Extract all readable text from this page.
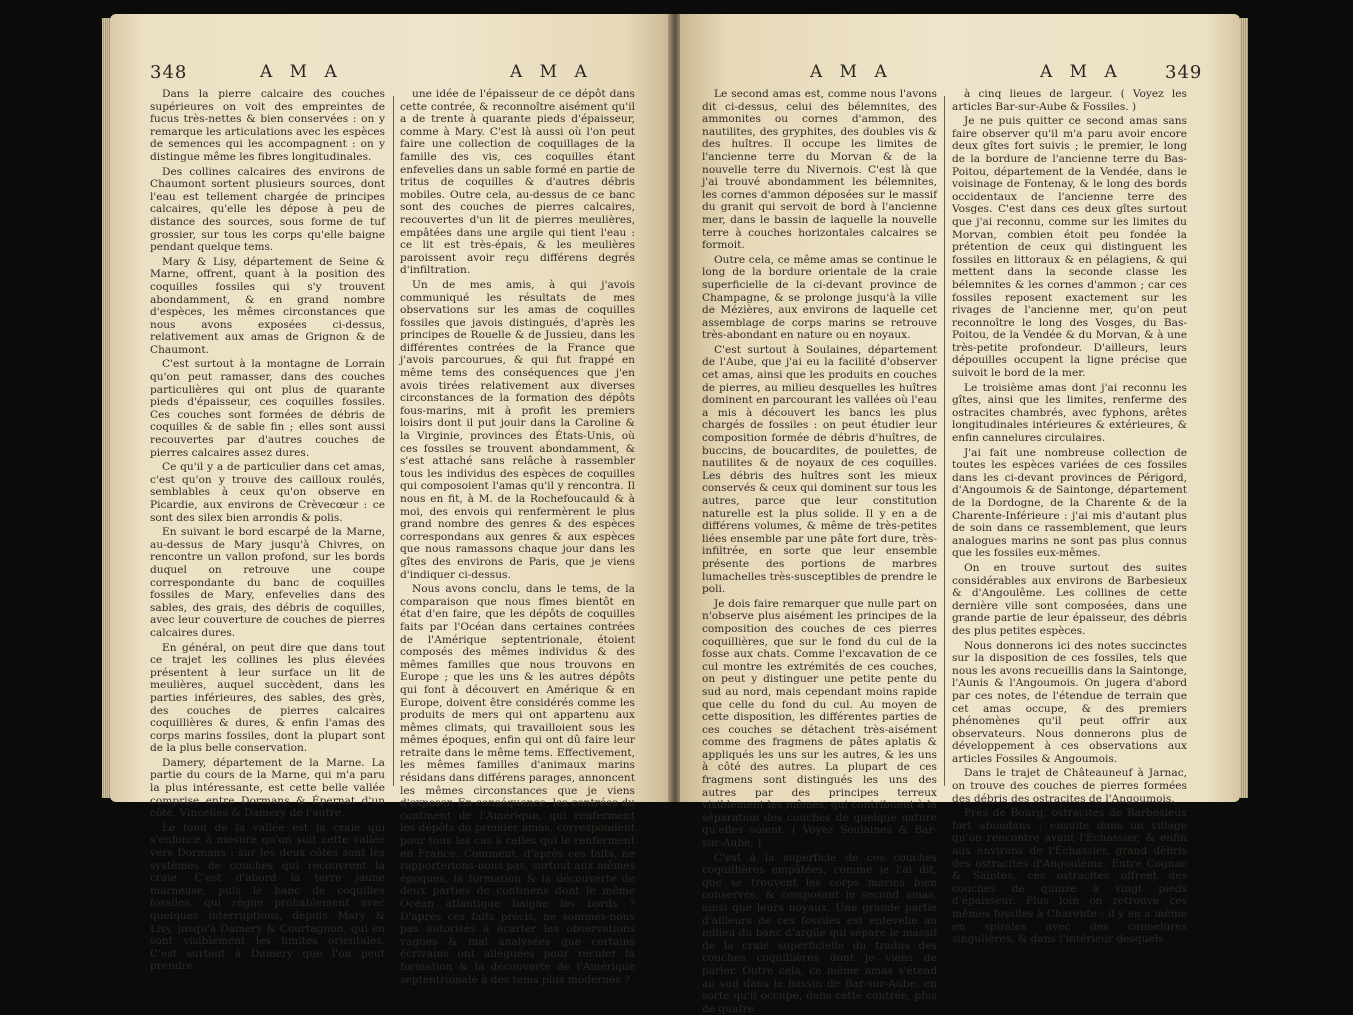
348	A M A	A M A

Dans la pierre calcaire des couches supérieures on voit des empreintes de fucus très-nettes & bien conservées : on y remarque les articulations avec les espèces de semences qui les accompagnent : on y distingue même les fibres longitudinales.

Des collines calcaires des environs de Chaumont sortent plusieurs sources, dont l'eau est tellement chargée de principes calcaires, qu'elle les dépose à peu de distance des sources, sous forme de tuf grossier, sur tous les corps qu'elle baigne pendant quelque tems.

Mary & Lisy, département de Seine & Marne, offrent, quant à la position des coquilles fossiles qui s'y trouvent abondamment, & en grand nombre d'espèces, les mêmes circonstances que nous avons exposées ci-dessus, relativement aux amas de Grignon & de Chaumont.

C'est surtout à la montagne de Lorrain qu'on peut ramasser, dans des couches particulières qui ont plus de quarante pieds d'épaisseur, ces coquilles fossiles. Ces couches sont formées de débris de coquilles & de sable fin ; elles sont aussi recouvertes par d'autres couches de pierres calcaires assez dures.

Ce qu'il y a de particulier dans cet amas, c'est qu'on y trouve des cailloux roulés, semblables à ceux qu'on observe en Picardie, aux environs de Crèvecœur : ce sont des silex bien arrondis & polis.

En suivant le bord escarpé de la Marne, au-dessus de Mary jusqu'à Chivres, on rencontre un vallon profond, sur les bords duquel on retrouve une coupe correspondante du banc de coquilles fossiles de Mary, enfevelies dans des sables, des grais, des débris de coquilles, avec leur couverture de couches de pierres calcaires dures.

En général, on peut dire que dans tout ce trajet les collines les plus élevées présentent à leur surface un lit de meulières, auquel succèdent, dans les parties inférieures, des sables, des grès, des couches de pierres calcaires coquillières & dures, & enfin l'amas des corps marins fossiles, dont la plupart sont de la plus belle conservation.

Damery, département de la Marne. La partie du cours de la Marne, qui m'a paru la plus intéressante, est cette belle vallée comprise entre Dormans & Épernat d'un côté, Vincelles & Damery de l'autre.

Le fond de la vallée est la craie qui s'enfonce à mesure qu'on suit cette vallée vers Dormans : sur les deux côtés sont les systèmes de couches qui recouvrent la craie. C'est d'abord la terre jaune marneuse, puis le banc de coquilles fossiles, qui règne probablement avec quelques interruptions, depuis Mary & Lisy, jusqu'à Damery & Courtagnon, qui en sont visiblement les limites orientales. C'est surtout à Damery que l'on peut prendre

une idée de l'épaisseur de ce dépôt dans cette contrée, & reconnoître aisément qu'il a de trente à quarante pieds d'épaisseur, comme à Mary. C'est là aussi où l'on peut faire une collection de coquillages de la famille des vis, ces coquilles étant enfevelies dans un sable formé en partie de tritus de coquilles & d'autres débris mobiles. Outre cela, au-dessus de ce banc sont des couches de pierres calcaires, recouvertes d'un lit de pierres meulières, empâtées dans une argile qui tient l'eau : ce lit est très-épais, & les meulières paroissent avoir reçu différens degrés d'infiltration.

Un de mes amis, à qui j'avois communiqué les résultats de mes observations sur les amas de coquilles fossiles que javois distingués, d'après les principes de Rouelle & de Jussieu, dans les différentes contrées de la France que j'avois parcourues, & qui fut frappé en même tems des conséquences que j'en avois tirées relativement aux diverses circonstances de la formation des dépôts fous-marins, mit à profit les premiers loisirs dont il put jouir dans la Caroline & la Virginie, provinces des États-Unis, où ces fossiles se trouvent abondamment, & s'est attaché sans relâche à rassembler tous les individus des espèces de coquilles qui composoient l'amas qu'il y rencontra. Il nous en fit, à M. de la Rochefoucauld & à moi, des envois qui renfermèrent le plus grand nombre des genres & des espèces correspondans aux genres & aux espèces que nous ramassons chaque jour dans les gîtes des environs de Paris, que je viens d'indiquer ci-dessus.

Nous avons conclu, dans le tems, de la comparaison que nous fîmes bientôt en état d'en faire, que les dépôts de coquilles faits par l'Océan dans certaines contrées de l'Amérique septentrionale, étoient composés des mêmes individus & des mêmes familles que nous trouvons en Europe ; que les uns & les autres dépôts qui font à découvert en Amérique & en Europe, doivent être considérés comme les produits de mers qui ont appartenu aux mêmes climats, qui travailloient sous les mêmes époques, enfin qui ont dû faire leur retraite dans le même tems. Effectivement, les mêmes familles d'animaux marins résidans dans différens parages, annoncent les mêmes circonstances que je viens d'exposer. En conséquence, les contrées du continent de l'Amérique, qui renferment les dépôts du premier amas, correspondent pour tous les cas à celles qui le renferment en France. Comment, d'après ces faits, ne rapporterions-nous pas, surtout aux mêmes époques, la formation & la découverte de deux parties de continens dont le même Océan atlantique baigne les bords ? D'après ces faits précis, ne sommes-nous pas autorisés à écarter les observations vagues & mal analysées que certains écrivains ont alléguées pour reculer la formation & la découverte de l'Amérique septentrionale à des tems plus modernes ?

A M A	A M A 349

Le second amas est, comme nous l'avons dit ci-dessus, celui des bélemnites, des ammonites ou cornes d'ammon, des nautilites, des gryphites, des doubles vis & des huîtres. Il occupe les limites de l'ancienne terre du Morvan & de la nouvelle terre du Nivernois. C'est là que j'ai trouvé abondamment les bélemnites, les cornes d'ammon déposées sur le massif du granit qui servoit de bord à l'ancienne mer, dans le bassin de laquelle la nouvelle terre à couches horizontales calcaires se formoit.

Outre cela, ce même amas se continue le long de la bordure orientale de la craie superficielle de la ci-devant province de Champagne, & se prolonge jusqu'à la ville de Mézières, aux environs de laquelle cet assemblage de corps marins se retrouve très-abondant en nature ou en noyaux.

C'est surtout à Soulaines, département de l'Aube, que j'ai eu la facilité d'observer cet amas, ainsi que les produits en couches de pierres, au milieu desquelles les huîtres dominent en parcourant les vallées où l'eau a mis à découvert les bancs les plus chargés de fossiles : on peut étudier leur composition formée de débris d'huîtres, de buccins, de boucardites, de poulettes, de nautilites & de noyaux de ces coquilles. Les débris des huîtres sont les mieux conservés & ceux qui dominent sur tous les autres, parce que leur constitution naturelle est la plus solide. Il y en a de différens volumes, & même de très-petites liées ensemble par une pâte fort dure, très-infiltrée, en sorte que leur ensemble présente des portions de marbres lumachelles très-susceptibles de prendre le poli.

Je dois faire remarquer que nulle part on n'observe plus aisément les principes de la composition des couches de ces pierres coquillières, que sur le fond du cul de la fosse aux chats. Comme l'excavation de ce cul montre les extrémités de ces couches, on peut y distinguer une petite pente du sud au nord, mais cependant moins rapide que celle du fond du cul. Au moyen de cette disposition, les différentes parties de ces couches se détachent très-aisément comme des fragmens de pâtes aplatis & appliqués les uns sur les autres, & les uns à côté des autres. La plupart de ces fragmens sont distingués les uns des autres par des principes terreux visiblement les mêmes, qui contribuent à la séparation des couches de quelque nature qu'elles soient. ( Voyez Soulaines & Bar-sur-Aube. )

C'est à la superficie de ces couches coquillières empâtées, comme je l'ai dit, que se trouvent les corps marins bien conservés, & composant le second amas, ainsi que leurs noyaux. Une grande partie d'ailleurs de ces fossiles est enfevelie au milieu du banc d'argile qui sépare le massif de la craie superficielle du tradus des couches coquillières dont je viens de parler. Outre cela, ce même amas s'étend au sud dans le bassin de Bar-sur-Aube, en sorte qu'il occupe, dans cette contrée, plus de quatre

à cinq lieues de largeur. ( Voyez les articles Bar-sur-Aube & Fossiles. )

Je ne puis quitter ce second amas sans faire observer qu'il m'a paru avoir encore deux gîtes fort suivis ; le premier, le long de la bordure de l'ancienne terre du Bas-Poitou, département de la Vendée, dans le voisinage de Fontenay, & le long des bords occidentaux de l'ancienne terre des Vosges. C'est dans ces deux gîtes surtout que j'ai reconnu, comme sur les limites du Morvan, combien étoit peu fondée la prétention de ceux qui distinguent les fossiles en littoraux & en pélagiens, & qui mettent dans la seconde classe les bélemnites & les cornes d'ammon ; car ces fossiles reposent exactement sur les rivages de l'ancienne mer, qu'on peut reconnoître le long des Vosges, du Bas-Poitou, de la Vendée & du Morvan, & à une très-petite profondeur. D'ailleurs, leurs dépouilles occupent la ligne précise que suivoit le bord de la mer.

Le troisième amas dont j'ai reconnu les gîtes, ainsi que les limites, renferme des ostracites chambrés, avec fyphons, arêtes longitudinales intérieures & extérieures, & enfin cannelures circulaires.

J'ai fait une nombreuse collection de toutes les espèces variées de ces fossiles dans les ci-devant provinces de Périgord, d'Angoumois & de Saintonge, département de la Dordogne, de la Charente & de la Charente-Inférieure : j'ai mis d'autant plus de soin dans ce rassemblement, que leurs analogues marins ne sont pas plus connus que les fossiles eux-mêmes.

On en trouve surtout des suites considérables aux environs de Barbesieux & d'Angoulême. Les collines de cette dernière ville sont composées, dans une grande partie de leur épaisseur, des débris des plus petites espèces.

Nous donnerons ici des notes succinctes sur la disposition de ces fossiles, tels que nous les avons recueillis dans la Saintonge, l'Aunis & l'Angoumois. On jugera d'abord par ces notes, de l'étendue de terrain que cet amas occupe, & des premiers phénomènes qu'il peut offrir aux observateurs. Nous donnerons plus de développement à ces observations aux articles Fossiles & Angoumois.

Dans le trajet de Châteauneuf à Jarnac, on trouve des couches de pierres formées des débris des ostracites de l'Angoumois.

Près de Bourg, ostracites de Barbesieux fort abondans ; ensuite dans un village qu'on rencontre avant l'Échassier, & enfin aux environs de l'Échassier, grand débris des ostracites d'Angoulême. Entre Cognac & Saintes, ces ostracites offrent des couches de quinze à vingt pieds d'épaisseur. Plus loin on retrouve ces mêmes fossiles à Charente : il y en a même en spirales avec des cannelures singulières, & dans l'intérieur desquels
